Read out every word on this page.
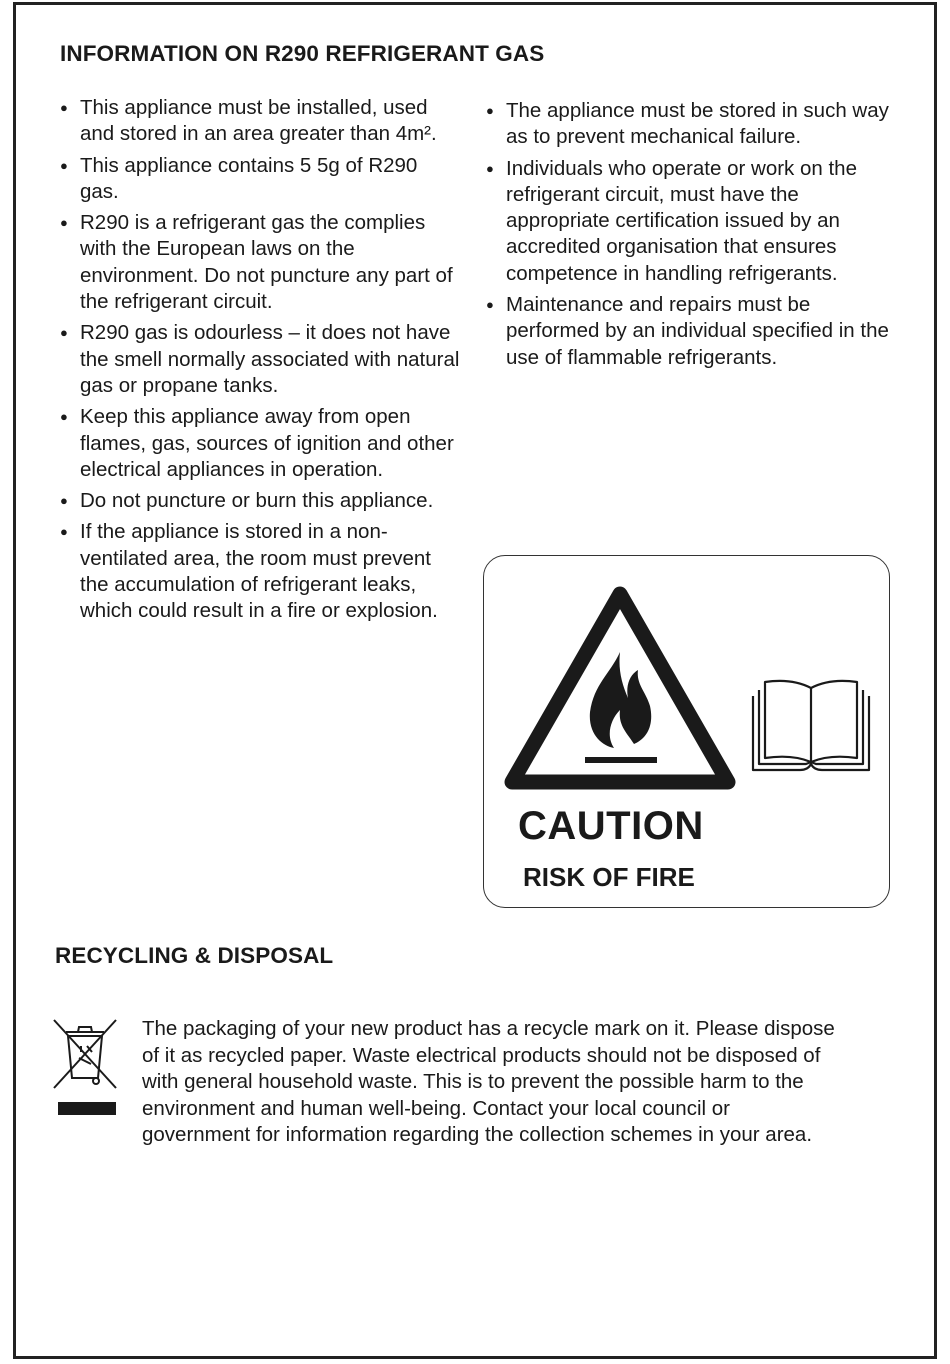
INFORMATION ON R290 REFRIGERANT GAS
● This appliance must be installed, used and stored in an area greater than 4m².
● This appliance contains 5 5g of R290 gas.
● R290 is a refrigerant gas the complies with the European laws on the environment. Do not puncture any part of the refrigerant circuit.
● R290 gas is odourless – it does not have the smell normally associated with natural gas or propane tanks.
● Keep this appliance away from open flames, gas, sources of ignition and other electrical appliances in operation.
● Do not puncture or burn this appliance.
● If the appliance is stored in a non-ventilated area, the room must prevent the accumulation of refrigerant leaks, which could result in a fire or explosion.
● The appliance must be stored in such way as to prevent mechanical failure.
● Individuals who operate or work on the refrigerant circuit, must have the appropriate certification issued by an accredited organisation that ensures competence in handling refrigerants.
● Maintenance and repairs must be performed by an individual specified in the use of flammable refrigerants.
CAUTION
RISK OF FIRE
RECYCLING & DISPOSAL

The packaging of your new product has a recycle mark on it. Please dispose of it as recycled paper. Waste electrical products should not be disposed of with general household waste. This is to prevent the possible harm to the environment and human well-being. Contact your local council or government for information regarding the collection schemes in your area.
